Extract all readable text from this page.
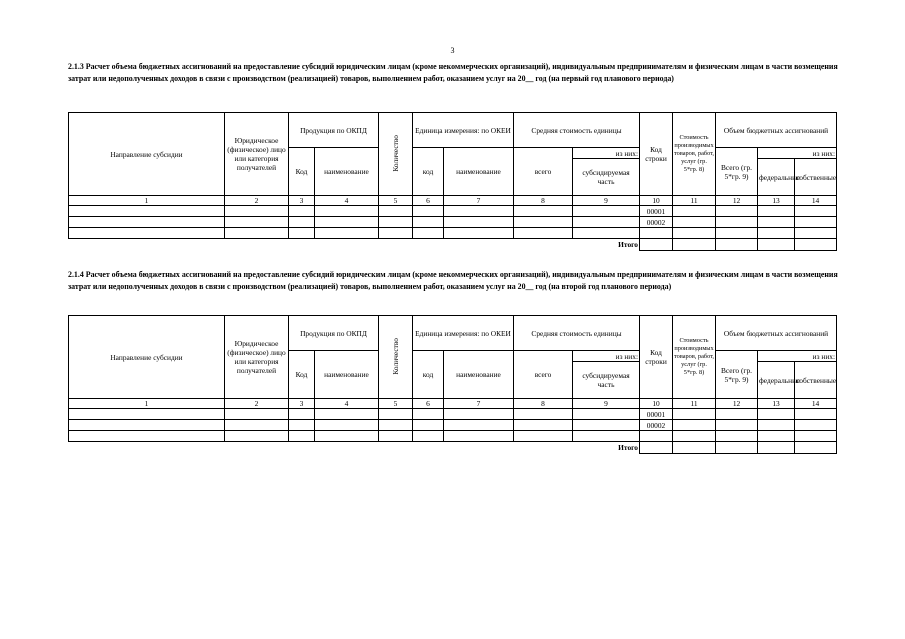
3

2.1.3 Расчет объема бюджетных ассигнований на предоставление субсидий юридическим лицам (кроме некоммерческих организаций), индивидуальным предпринимателям и физическим лицам в части возмещения затрат или недополученных доходов в связи с производством (реализацией) товаров, выполнением работ, оказанием услуг на 20__ год (на первый год планового периода)

Направление субсидии	Юридическое (физическое) лицо или категория получателей	Продукция по ОКПД		Количество	Единица измерения: по ОКЕИ		Средняя стоимость единицы		Код строки	Стоимость производимых товаров, работ, услуг (гр. 5*гр. 8)	Объем бюджетных ассигнований		
		Код	наименование		код	наименование	всего	из них:			Всего (гр. 5*гр. 9)	из них:	
								субсидируемая часть				федеральные	собственные
1	2	3	4	5	6	7	8	9	10	11	12	13	14
									00001				
									00002				

Итого													

2.1.4 Расчет объема бюджетных ассигнований на предоставление субсидий юридическим лицам (кроме некоммерческих организаций), индивидуальным предпринимателям и физическим лицам в части возмещения затрат или недополученных доходов в связи с производством (реализацией) товаров, выполнением работ, оказанием услуг на 20__ год (на второй год планового периода)

Направление субсидии	Юридическое (физическое) лицо или категория получателей	Продукция по ОКПД		Количество	Единица измерения: по ОКЕИ		Средняя стоимость единицы		Код строки	Стоимость производимых товаров, работ, услуг (гр. 5*гр. 8)	Объем бюджетных ассигнований		
		Код	наименование		код	наименование	всего	из них:			Всего (гр. 5*гр. 9)	из них:	
								субсидируемая часть				федеральные	собственные
1	2	3	4	5	6	7	8	9	10	11	12	13	14
									00001				
									00002				

Итого													
